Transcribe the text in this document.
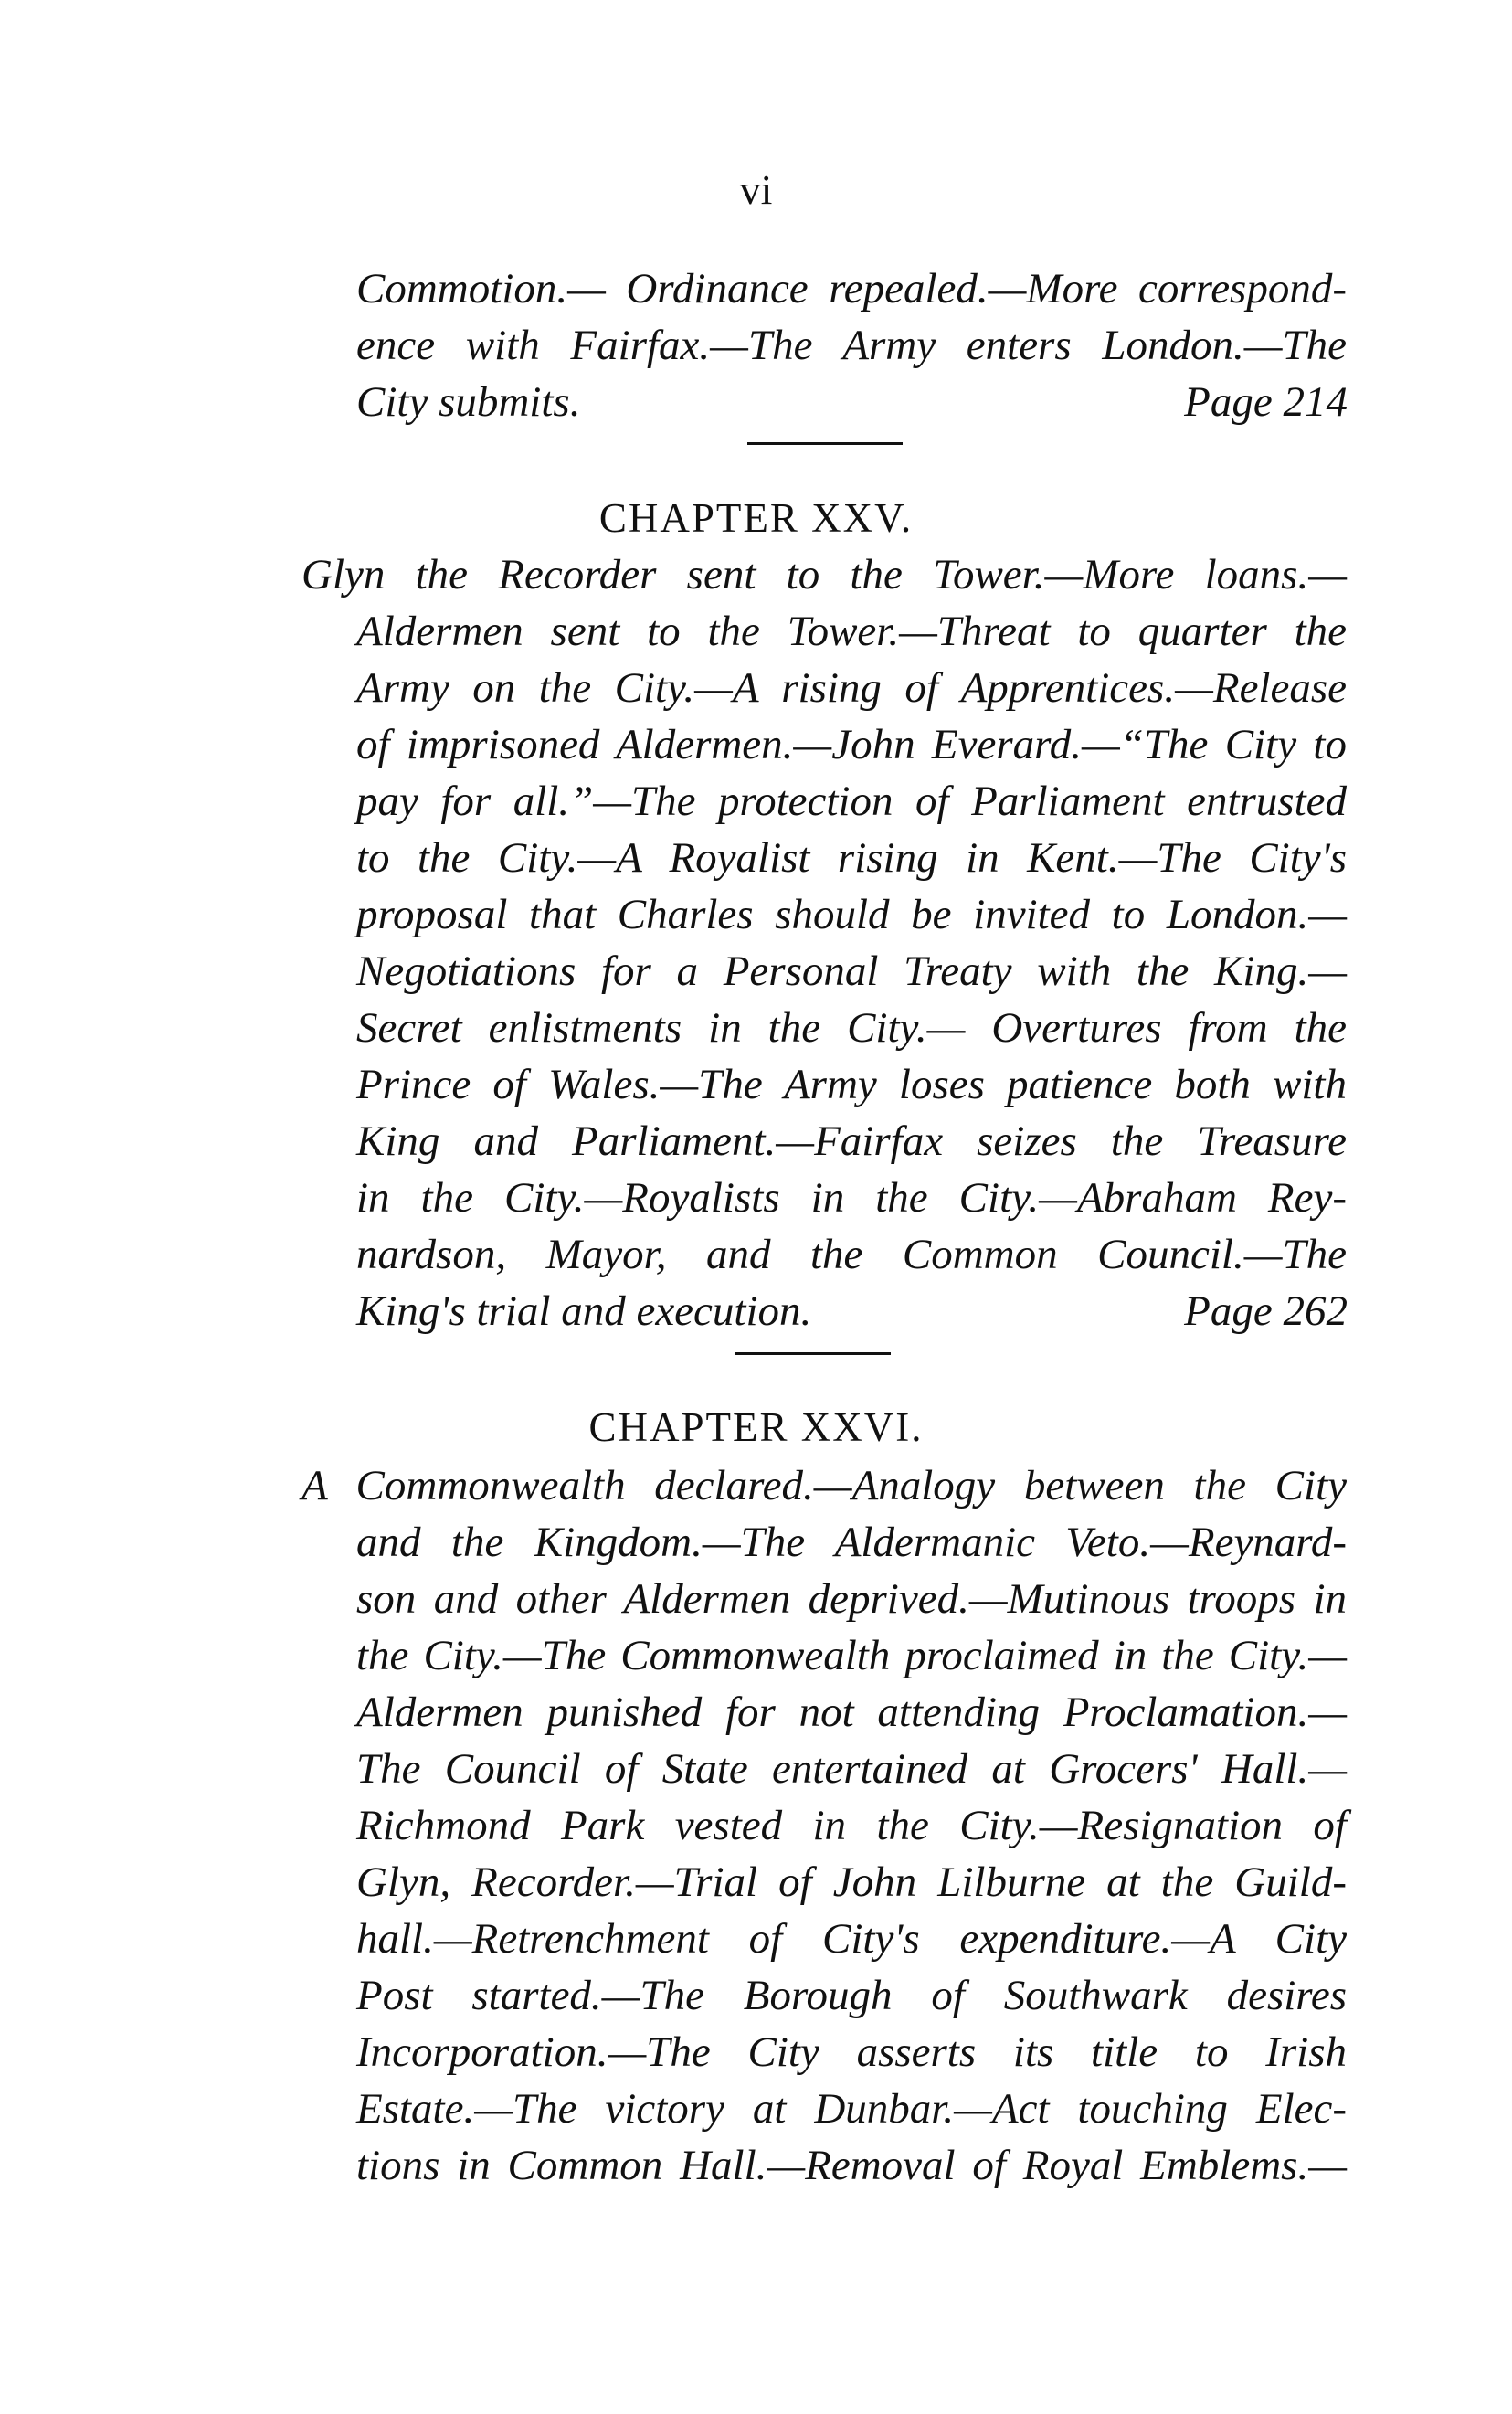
vi
Commotion.— Ordinance repealed.—More correspond-
ence with Fairfax.—The Army enters London.—The
City submits.	Page 214
CHAPTER XXV.
Glyn the Recorder sent to the Tower.—More loans.—
Aldermen sent to the Tower.—Threat to quarter the
Army on the City.—A rising of Apprentices.—Release
of imprisoned Aldermen.—John Everard.—“The City to
pay for all.”—The protection of Parliament entrusted
to the City.—A Royalist rising in Kent.—The City's
proposal that Charles should be invited to London.—
Negotiations for a Personal Treaty with the King.—
Secret enlistments in the City.— Overtures from the
Prince of Wales.—The Army loses patience both with
King and Parliament.—Fairfax seizes the Treasure
in the City.—Royalists in the City.—Abraham Rey-
nardson, Mayor, and the Common Council.—The
King's trial and execution.	Page 262
CHAPTER XXVI.
A Commonwealth declared.—Analogy between the City
and the Kingdom.—The Aldermanic Veto.—Reynard-
son and other Aldermen deprived.—Mutinous troops in
the City.—The Commonwealth proclaimed in the City.—
Aldermen punished for not attending Proclamation.—
The Council of State entertained at Grocers' Hall.—
Richmond Park vested in the City.—Resignation of
Glyn, Recorder.—Trial of John Lilburne at the Guild-
hall.—Retrenchment of City's expenditure.—A City
Post started.—The Borough of Southwark desires
Incorporation.—The City asserts its title to Irish
Estate.—The victory at Dunbar.—Act touching Elec-
tions in Common Hall.—Removal of Royal Emblems.—
